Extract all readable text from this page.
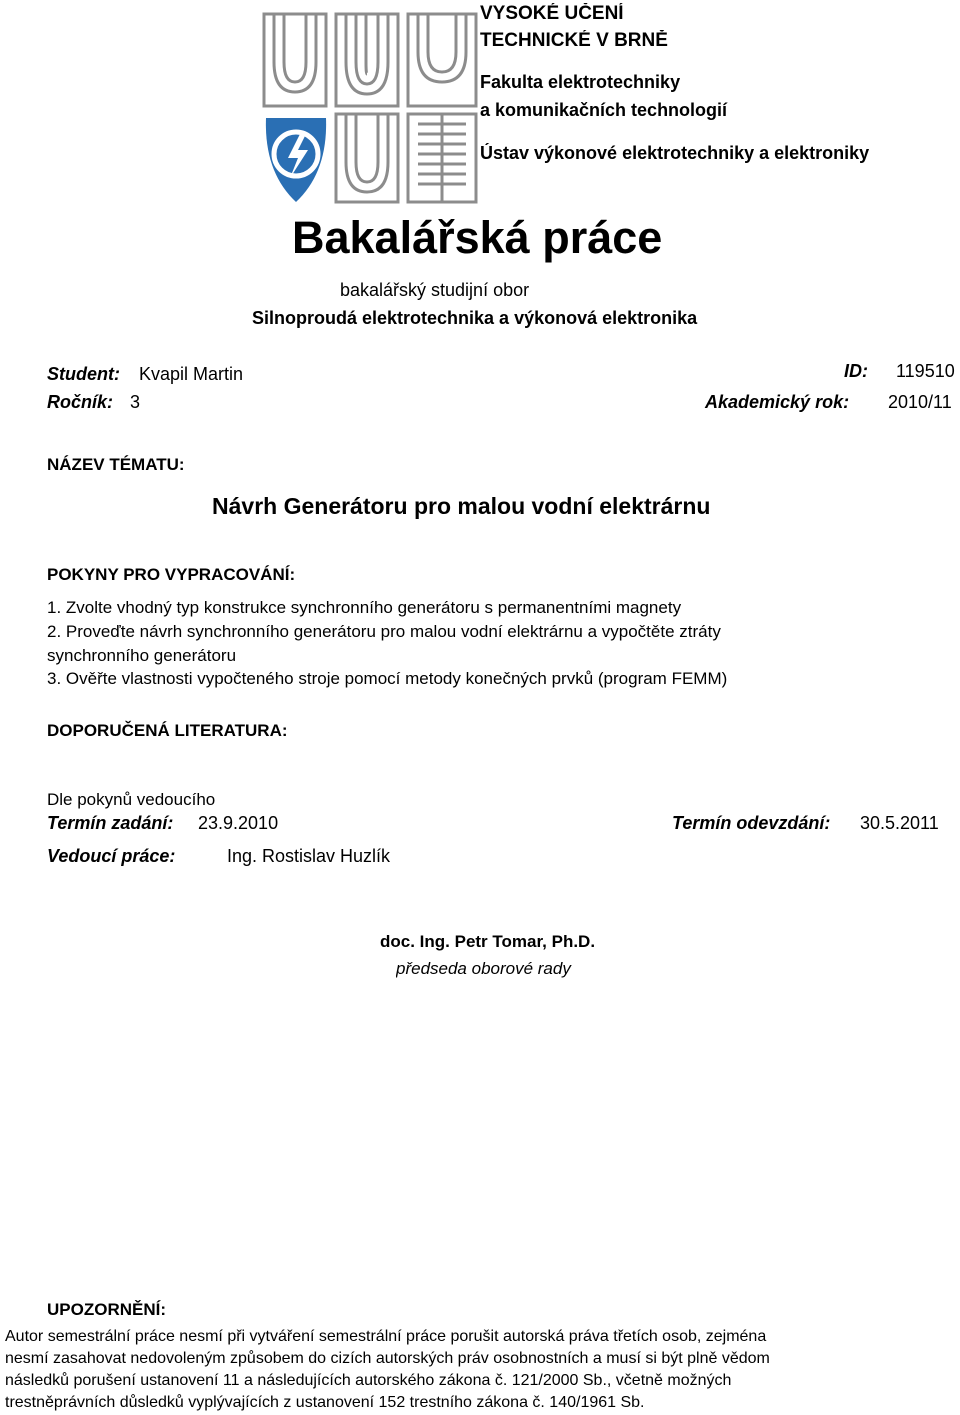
VYSOKÉ UČENÍ
TECHNICKÉ V BRNĚ
Fakulta elektrotechniky
a komunikačních technologií
Ústav výkonové elektrotechniky a elektroniky
Bakalářská práce
bakalářský studijní obor
Silnoproudá elektrotechnika a výkonová elektronika
Student: Kvapil Martin	ID: 119510
Ročník: 3	Akademický rok: 2010/11
NÁZEV TÉMATU:
Návrh Generátoru pro malou vodní elektrárnu
POKYNY PRO VYPRACOVÁNÍ:
1. Zvolte vhodný typ konstrukce synchronního generátoru s permanentními magnety
2. Proveďte návrh synchronního generátoru pro malou vodní elektrárnu a vypočtěte ztráty
synchronního generátoru
3. Ověřte vlastnosti vypočteného stroje pomocí metody konečných prvků (program FEMM)
DOPORUČENÁ LITERATURA:
Dle pokynů vedoucího
Termín zadání: 23.9.2010	Termín odevzdání: 30.5.2011
Vedoucí práce:	Ing. Rostislav Huzlík
doc. Ing. Petr Tomar, Ph.D.
předseda oborové rady
UPOZORNĚNÍ:
Autor semestrální práce nesmí při vytváření semestrální práce porušit autorská práva třetích osob, zejména
nesmí zasahovat nedovoleným způsobem do cizích autorských práv osobnostních a musí si být plně vědom
následků porušení ustanovení 11 a následujících autorského zákona č. 121/2000 Sb., včetně možných
trestněprávních důsledků vyplývajících z ustanovení 152 trestního zákona č. 140/1961 Sb.
